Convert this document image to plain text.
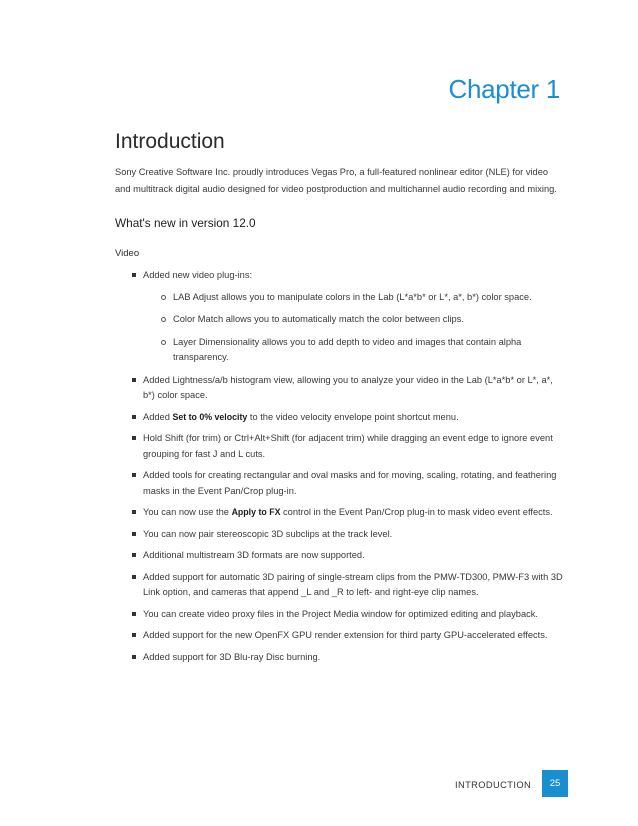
Chapter 1
Introduction

Sony Creative Software Inc. proudly introduces Vegas Pro, a full-featured nonlinear editor (NLE) for video and multitrack digital audio designed for video postproduction and multichannel audio recording and mixing.

What's new in version 12.0
Video
Added new video plug-ins:
LAB Adjust allows you to manipulate colors in the Lab (L*a*b* or L*, a*, b*) color space.
Color Match allows you to automatically match the color between clips.
Layer Dimensionality allows you to add depth to video and images that contain alpha transparency.
Added Lightness/a/b histogram view, allowing you to analyze your video in the Lab (L*a*b* or L*, a*, b*) color space.
Added Set to 0% velocity to the video velocity envelope point shortcut menu.
Hold Shift (for trim) or Ctrl+Alt+Shift (for adjacent trim) while dragging an event edge to ignore event grouping for fast J and L cuts.
Added tools for creating rectangular and oval masks and for moving, scaling, rotating, and feathering masks in the Event Pan/Crop plug-in.
You can now use the Apply to FX control in the Event Pan/Crop plug-in to mask video event effects.
You can now pair stereoscopic 3D subclips at the track level.
Additional multistream 3D formats are now supported.
Added support for automatic 3D pairing of single-stream clips from the PMW-TD300, PMW-F3 with 3D Link option, and cameras that append _L and _R to left- and right-eye clip names.
You can create video proxy files in the Project Media window for optimized editing and playback.
Added support for the new OpenFX GPU render extension for third party GPU-accelerated effects.
Added support for 3D Blu-ray Disc burning.
INTRODUCTION	25
